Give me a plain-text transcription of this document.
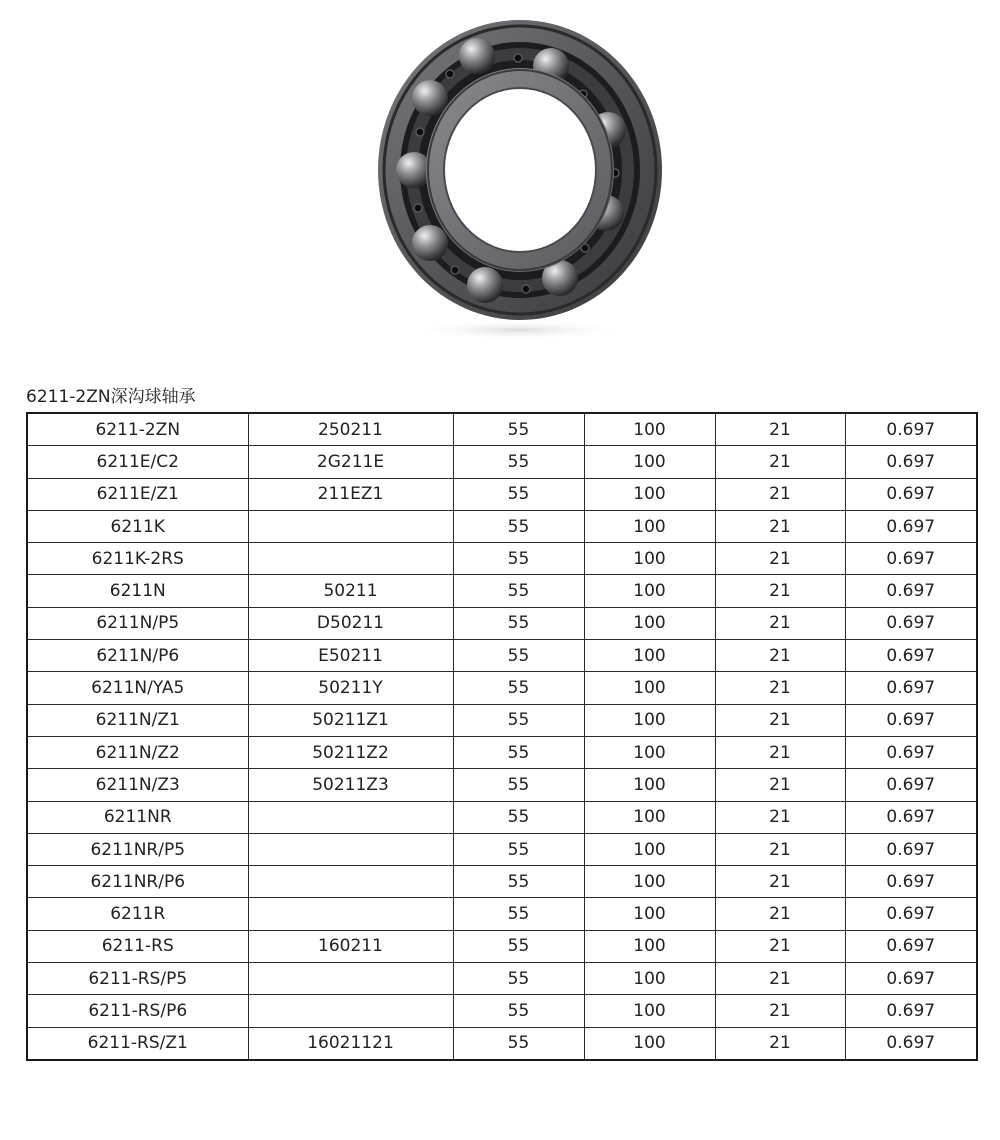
6211-2ZN深沟球轴承
6211-2ZN	250211	55	100	21	0.697
6211E/C2	2G211E	55	100	21	0.697
6211E/Z1	211EZ1	55	100	21	0.697
6211K		55	100	21	0.697
6211K-2RS		55	100	21	0.697
6211N	50211	55	100	21	0.697
6211N/P5	D50211	55	100	21	0.697
6211N/P6	E50211	55	100	21	0.697
6211N/YA5	50211Y	55	100	21	0.697
6211N/Z1	50211Z1	55	100	21	0.697
6211N/Z2	50211Z2	55	100	21	0.697
6211N/Z3	50211Z3	55	100	21	0.697
6211NR		55	100	21	0.697
6211NR/P5		55	100	21	0.697
6211NR/P6		55	100	21	0.697
6211R		55	100	21	0.697
6211-RS	160211	55	100	21	0.697
6211-RS/P5		55	100	21	0.697
6211-RS/P6		55	100	21	0.697
6211-RS/Z1	16021121	55	100	21	0.697
